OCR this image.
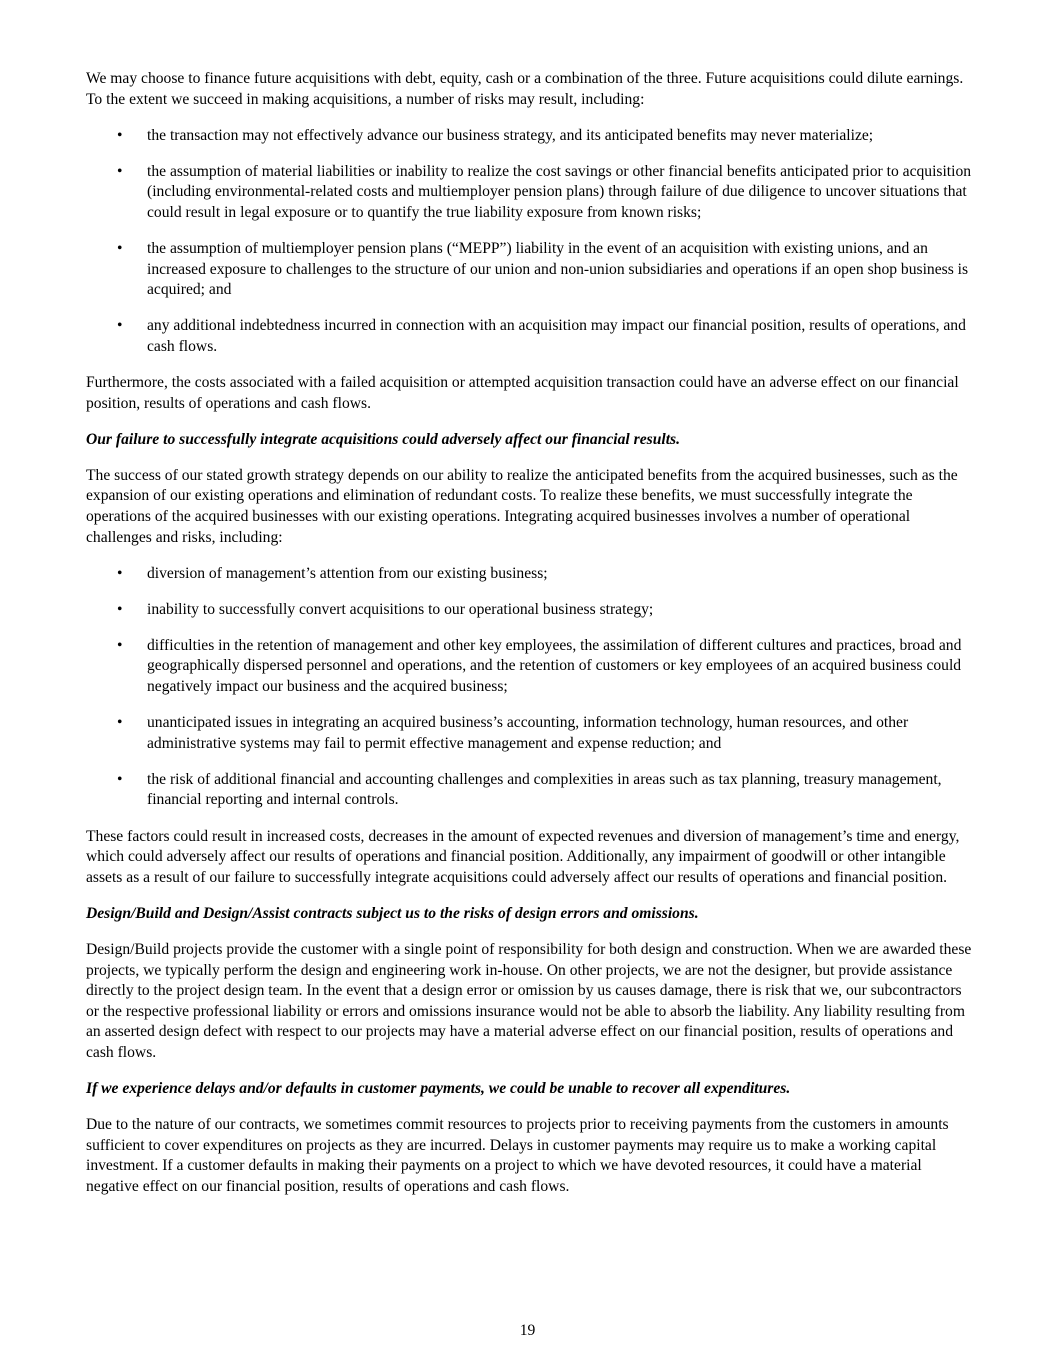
We may choose to finance future acquisitions with debt, equity, cash or a combination of the three. Future acquisitions could dilute earnings. To the extent we succeed in making acquisitions, a number of risks may result, including:

• the transaction may not effectively advance our business strategy, and its anticipated benefits may never materialize;
• the assumption of material liabilities or inability to realize the cost savings or other financial benefits anticipated prior to acquisition (including environmental-related costs and multiemployer pension plans) through failure of due diligence to uncover situations that could result in legal exposure or to quantify the true liability exposure from known risks;
• the assumption of multiemployer pension plans (“MEPP”) liability in the event of an acquisition with existing unions, and an increased exposure to challenges to the structure of our union and non-union subsidiaries and operations if an open shop business is acquired; and
• any additional indebtedness incurred in connection with an acquisition may impact our financial position, results of operations, and cash flows.

Furthermore, the costs associated with a failed acquisition or attempted acquisition transaction could have an adverse effect on our financial position, results of operations and cash flows.

Our failure to successfully integrate acquisitions could adversely affect our financial results.

The success of our stated growth strategy depends on our ability to realize the anticipated benefits from the acquired businesses, such as the expansion of our existing operations and elimination of redundant costs. To realize these benefits, we must successfully integrate the operations of the acquired businesses with our existing operations. Integrating acquired businesses involves a number of operational challenges and risks, including:

• diversion of management’s attention from our existing business;
• inability to successfully convert acquisitions to our operational business strategy;
• difficulties in the retention of management and other key employees, the assimilation of different cultures and practices, broad and geographically dispersed personnel and operations, and the retention of customers or key employees of an acquired business could negatively impact our business and the acquired business;
• unanticipated issues in integrating an acquired business’s accounting, information technology, human resources, and other administrative systems may fail to permit effective management and expense reduction; and
• the risk of additional financial and accounting challenges and complexities in areas such as tax planning, treasury management, financial reporting and internal controls.

These factors could result in increased costs, decreases in the amount of expected revenues and diversion of management’s time and energy, which could adversely affect our results of operations and financial position. Additionally, any impairment of goodwill or other intangible assets as a result of our failure to successfully integrate acquisitions could adversely affect our results of operations and financial position.

Design/Build and Design/Assist contracts subject us to the risks of design errors and omissions.

Design/Build projects provide the customer with a single point of responsibility for both design and construction. When we are awarded these projects, we typically perform the design and engineering work in-house. On other projects, we are not the designer, but provide assistance directly to the project design team. In the event that a design error or omission by us causes damage, there is risk that we, our subcontractors or the respective professional liability or errors and omissions insurance would not be able to absorb the liability. Any liability resulting from an asserted design defect with respect to our projects may have a material adverse effect on our financial position, results of operations and cash flows.

If we experience delays and/or defaults in customer payments, we could be unable to recover all expenditures.

Due to the nature of our contracts, we sometimes commit resources to projects prior to receiving payments from the customers in amounts sufficient to cover expenditures on projects as they are incurred. Delays in customer payments may require us to make a working capital investment. If a customer defaults in making their payments on a project to which we have devoted resources, it could have a material negative effect on our financial position, results of operations and cash flows.

19
